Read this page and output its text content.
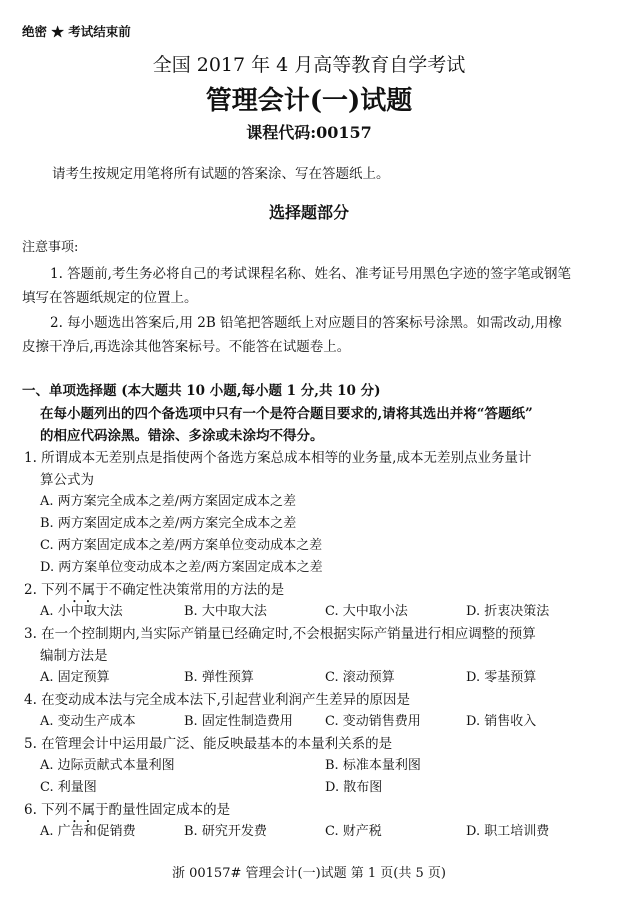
绝密 ★ 考试结束前
全国 2017 年 4 月高等教育自学考试
管理会计(一)试题
课程代码:00157
请考生按规定用笔将所有试题的答案涂、写在答题纸上。
选择题部分
注意事项:
1. 答题前,考生务必将自己的考试课程名称、姓名、准考证号用黑色字迹的签字笔或钢笔
填写在答题纸规定的位置上。
2. 每小题选出答案后,用 2B 铅笔把答题纸上对应题目的答案标号涂黑。如需改动,用橡
皮擦干净后,再选涂其他答案标号。不能答在试题卷上。
一、单项选择题 (本大题共 10 小题,每小题 1 分,共 10 分)
在每小题列出的四个备选项中只有一个是符合题目要求的,请将其选出并将“答题纸”
的相应代码涂黑。错涂、多涂或未涂均不得分。
1. 所谓成本无差别点是指使两个备选方案总成本相等的业务量,成本无差别点业务量计
算公式为
A. 两方案完全成本之差/两方案固定成本之差
B. 两方案固定成本之差/两方案完全成本之差
C. 两方案固定成本之差/两方案单位变动成本之差
D. 两方案单位变动成本之差/两方案固定成本之差
2. 下列不属于不确定性决策常用的方法的是
A. 小中取大法	B. 大中取大法	C. 大中取小法	D. 折衷决策法
3. 在一个控制期内,当实际产销量已经确定时,不会根据实际产销量进行相应调整的预算
编制方法是
A. 固定预算	B. 弹性预算	C. 滚动预算	D. 零基预算
4. 在变动成本法与完全成本法下,引起营业利润产生差异的原因是
A. 变动生产成本	B. 固定性制造费用 C. 变动销售费用	D. 销售收入
5. 在管理会计中运用最广泛、能反映最基本的本量利关系的是
A. 边际贡献式本量利图	B. 标准本量利图
C. 利量图	D. 散布图
6. 下列不属于酌量性固定成本的是
A. 广告和促销费	B. 研究开发费	C. 财产税	D. 职工培训费
浙 00157# 管理会计(一)试题 第 1 页(共 5 页)
